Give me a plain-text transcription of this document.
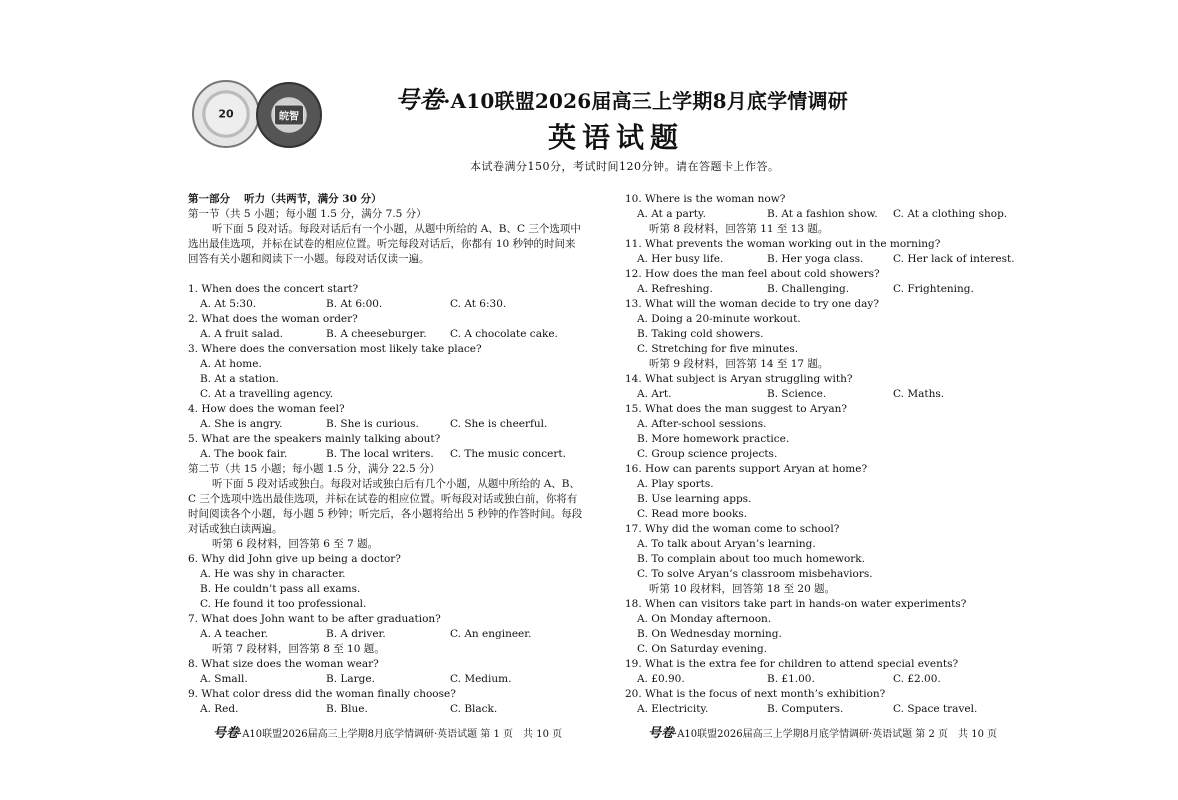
20	皖智
号卷·A10联盟2026届高三上学期8月底学情调研
英语试题
本试卷满分150分，考试时间120分钟。请在答题卡上作答。
第一部分　 听力（共两节，满分 30 分）
第一节（共 5 小题；每小题 1.5 分，满分 7.5 分）
听下面 5 段对话。每段对话后有一个小题，从题中所给的 A、B、C 三个选项中选出最佳选项，并标在试卷的相应位置。听完每段对话后，你都有 10 秒钟的时间来回答有关小题和阅读下一小题。每段对话仅读一遍。
1. When does the concert start?
A. At 5:30.	B. At 6:00.	C. At 6:30.
2. What does the woman order?
A. A fruit salad.	B. A cheeseburger. C. A chocolate cake.
3. Where does the conversation most likely take place?
A. At home.
B. At a station.
C. At a travelling agency.
4. How does the woman feel?
A. She is angry.	B. She is curious.	C. She is cheerful.
5. What are the speakers mainly talking about?
A. The book fair.	B. The local writers. C. The music concert.
第二节（共 15 小题；每小题 1.5 分，满分 22.5 分）
听下面 5 段对话或独白。每段对话或独白后有几个小题，从题中所给的 A、B、C 三个选项中选出最佳选项，并标在试卷的相应位置。听每段对话或独白前，你将有时间阅读各个小题，每小题 5 秒钟；听完后，各小题将给出 5 秒钟的作答时间。每段对话或独白读两遍。
听第 6 段材料，回答第 6 至 7 题。
6. Why did John give up being a doctor?
A. He was shy in character.
B. He couldn’t pass all exams.
C. He found it too professional.
7. What does John want to be after graduation?
A. A teacher.	B. A driver.	C. An engineer.
听第 7 段材料，回答第 8 至 10 题。
8. What size does the woman wear?
A. Small.	B. Large.	C. Medium.
9. What color dress did the woman finally choose?
A. Red.	B. Blue.	C. Black.
10. Where is the woman now?
A. At a party.	B. At a fashion show. C. At a clothing shop.
听第 8 段材料，回答第 11 至 13 题。
11. What prevents the woman working out in the morning?
A. Her busy life.	B. Her yoga class.	C. Her lack of interest.
12. How does the man feel about cold showers?
A. Refreshing.	B. Challenging.	C. Frightening.
13. What will the woman decide to try one day?
A. Doing a 20-minute workout.
B. Taking cold showers.
C. Stretching for five minutes.
听第 9 段材料，回答第 14 至 17 题。
14. What subject is Aryan struggling with?
A. Art.	B. Science.	C. Maths.
15. What does the man suggest to Aryan?
A. After-school sessions.
B. More homework practice.
C. Group science projects.
16. How can parents support Aryan at home?
A. Play sports.
B. Use learning apps.
C. Read more books.
17. Why did the woman come to school?
A. To talk about Aryan’s learning.
B. To complain about too much homework.
C. To solve Aryan’s classroom misbehaviors.
听第 10 段材料，回答第 18 至 20 题。
18. When can visitors take part in hands-on water experiments?
A. On Monday afternoon.
B. On Wednesday morning.
C. On Saturday evening.
19. What is the extra fee for children to attend special events?
A. £0.90.	B. £1.00.	C. £2.00.
20. What is the focus of next month’s exhibition?
A. Electricity.	B. Computers.	C. Space travel.
号卷·A10联盟2026届高三上学期8月底学情调研·英语试题 第 1 页　共 10 页	号卷·A10联盟2026届高三上学期8月底学情调研·英语试题 第 2 页　共 10 页
